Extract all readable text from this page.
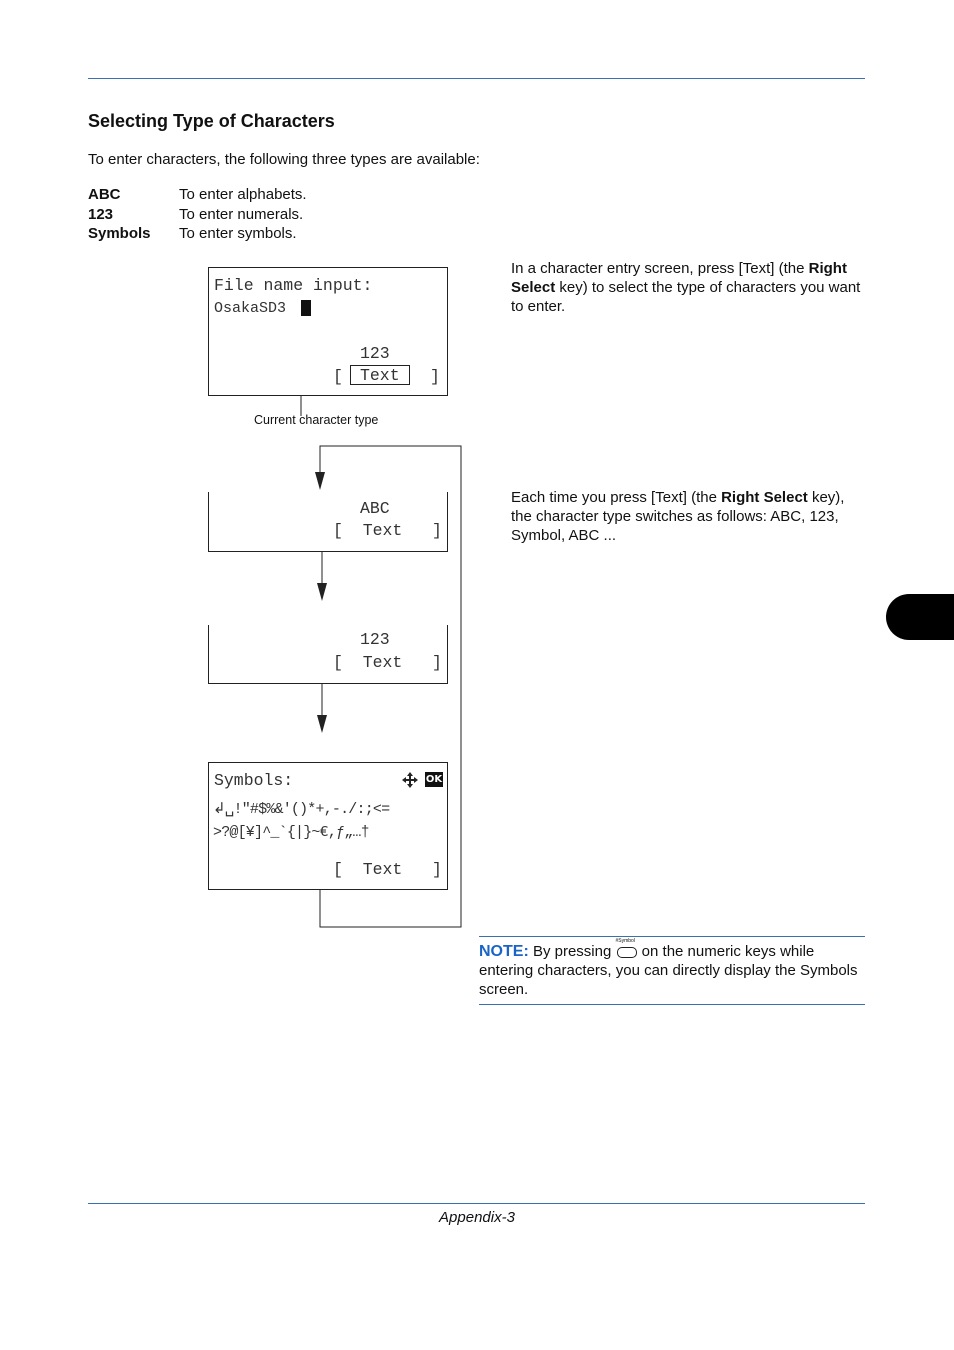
Selecting Type of Characters
To enter characters, the following three types are available:
ABC	To enter alphabets.
123	To enter numerals.
Symbols To enter symbols.
File name input:
OsakaSD3
123
[	Text	]
Current character type
ABC
[  Text   ]
123
[  Text   ]
Symbols:	OK
↲␣!"#$%&'()*+,-./:;<=
>?@[¥]^_`{|}~€,ƒ„…†
[  Text   ]
In a character entry screen, press [Text] (the Right Select key) to select the type of characters you want to enter.
Each time you press [Text] (the Right Select key), the character type switches as follows: ABC, 123, Symbol, ABC ...
NOTE: By pressing
#Symbol
on the numeric keys while entering characters, you can directly display the Symbols screen.
Appendix-3
